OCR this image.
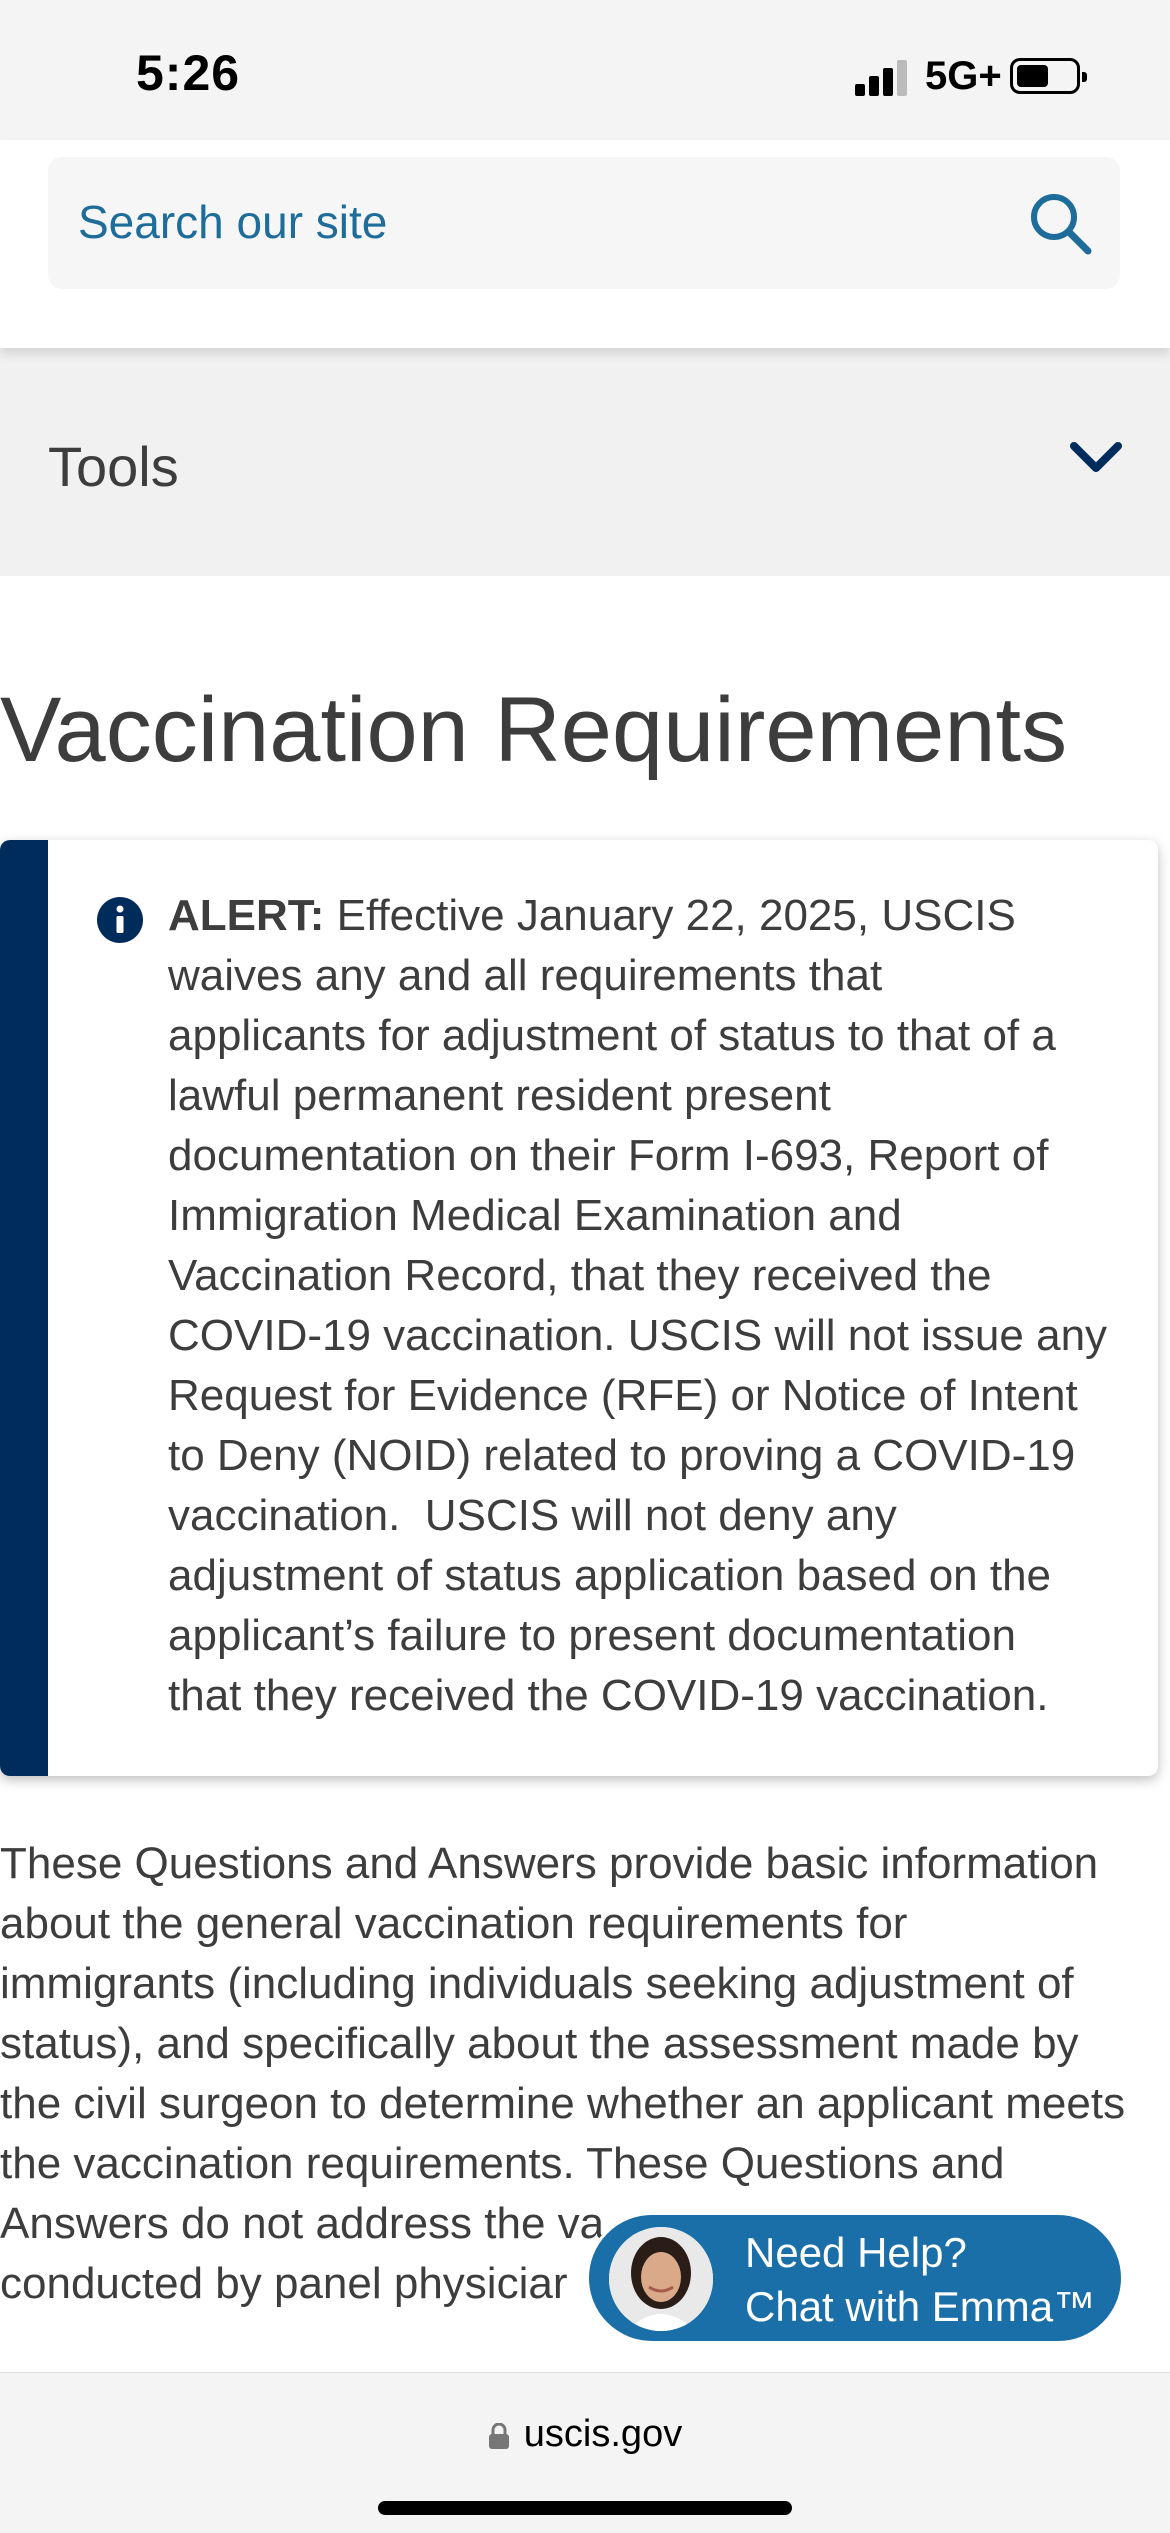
5:26	5G+
Search our site
Tools
Vaccination Requirements
ALERT: Effective January 22, 2025, USCIS
waives any and all requirements that
applicants for adjustment of status to that of a
lawful permanent resident present
documentation on their Form I-693, Report of
Immigration Medical Examination and
Vaccination Record, that they received the
COVID-19 vaccination. USCIS will not issue any
Request for Evidence (RFE) or Notice of Intent
to Deny (NOID) related to proving a COVID-19
vaccination.  USCIS will not deny any
adjustment of status application based on the
applicant’s failure to present documentation
that they received the COVID-19 vaccination.
These Questions and Answers provide basic information
about the general vaccination requirements for
immigrants (including individuals seeking adjustment of
status), and specifically about the assessment made by
the civil surgeon to determine whether an applicant meets
the vaccination requirements. These Questions and
Answers do not address the va
conducted by panel physiciar
Need Help?
Chat with Emma™
uscis.gov
